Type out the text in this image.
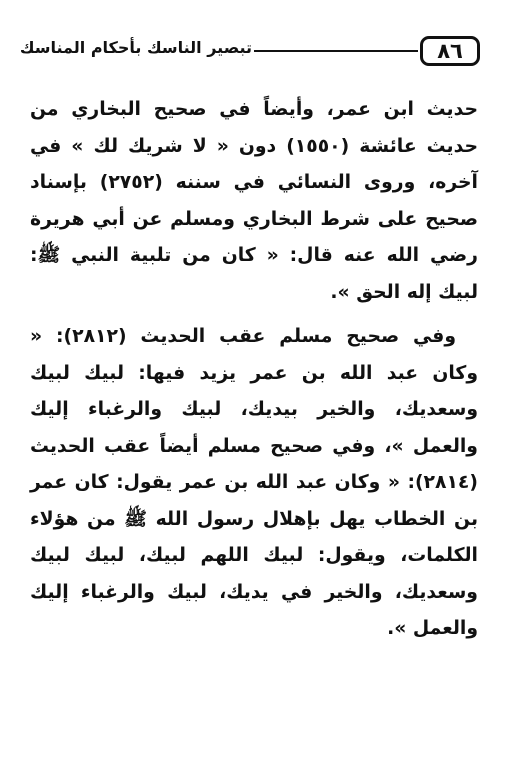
٨٦
تبصير الناسك بأحكام المناسك

حديث ابن عمر، وأيضاً في صحيح البخاري من حديث عائشة (١٥٥٠) دون « لا شريك لك » في آخره، وروى النسائي في سننه (٢٧٥٢) بإسناد صحيح على شرط البخاري ومسلم عن أبي هريرة رضي الله عنه قال: « كان من تلبية النبي ﷺ: لبيك إله الحق ».

وفي صحيح مسلم عقب الحديث (٢٨١٢): « وكان عبد الله بن عمر يزيد فيها: لبيك لبيك وسعديك، والخير بيديك، لبيك والرغباء إليك والعمل »، وفي صحيح مسلم أيضاً عقب الحديث (٢٨١٤): « وكان عبد الله بن عمر يقول: كان عمر بن الخطاب يهل بإهلال رسول الله ﷺ من هؤلاء الكلمات، ويقول: لبيك اللهم لبيك، لبيك لبيك وسعديك، والخير في يديك، لبيك والرغباء إليك والعمل ».
